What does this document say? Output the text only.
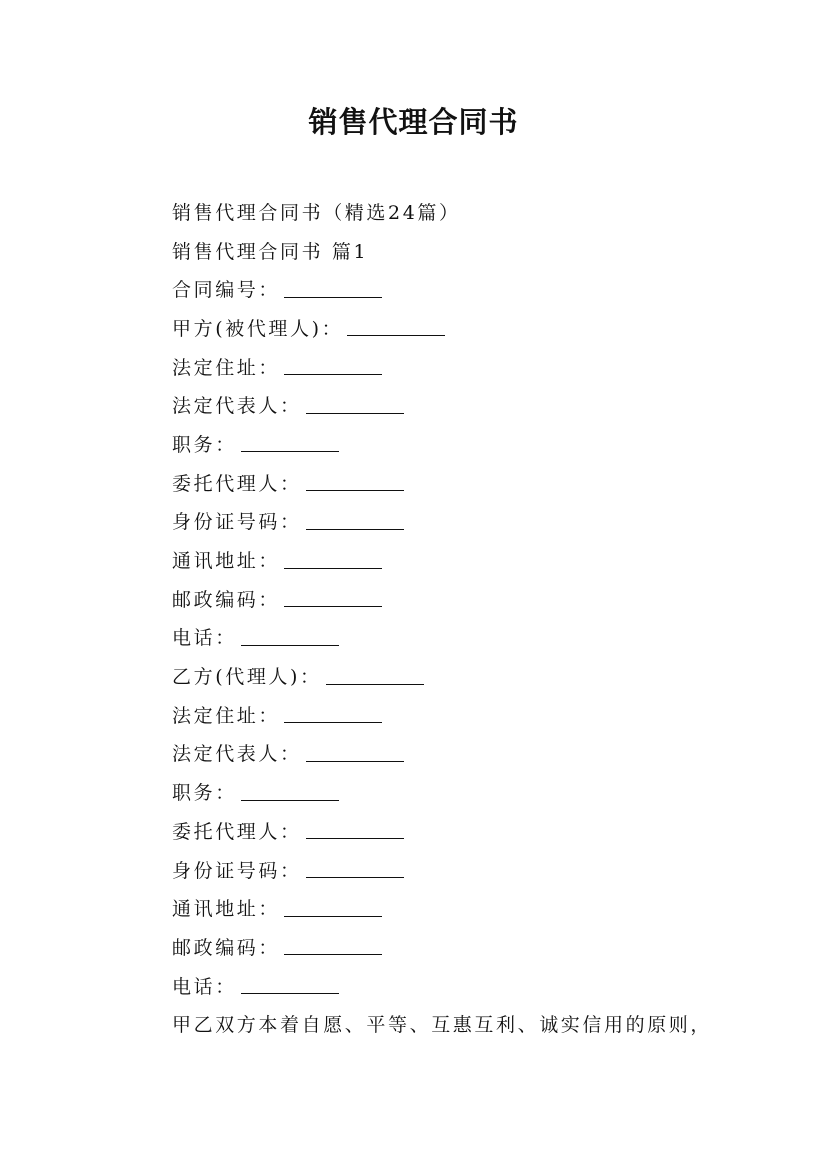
销售代理合同书
销售代理合同书（精选24篇）
销售代理合同书 篇1
合同编号：
甲方(被代理人)：
法定住址：
法定代表人：
职务：
委托代理人：
身份证号码：
通讯地址：
邮政编码：
电话：
乙方(代理人)：
法定住址：
法定代表人：
职务：
委托代理人：
身份证号码：
通讯地址：
邮政编码：
电话：
甲乙双方本着自愿、平等、互惠互利、诚实信用的原则，
